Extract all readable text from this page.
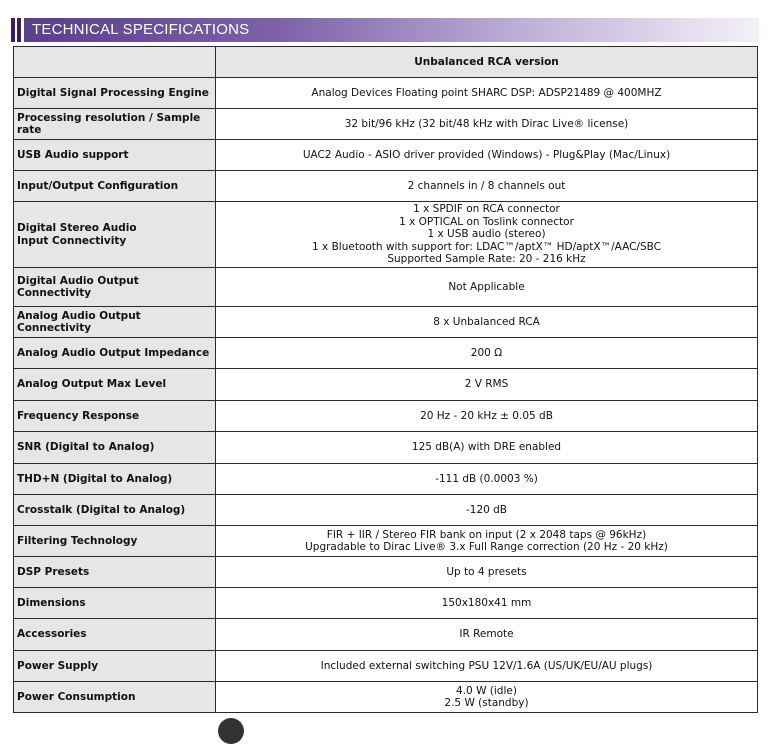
TECHNICAL SPECIFICATIONS
	Unbalanced RCA version
Digital Signal Processing Engine	Analog Devices Floating point SHARC DSP: ADSP21489 @ 400MHZ
Processing resolution / Sample rate	32 bit/96 kHz (32 bit/48 kHz with Dirac Live® license)
USB Audio support	UAC2 Audio - ASIO driver provided (Windows) - Plug&Play (Mac/Linux)
Input/Output Configuration	2 channels in / 8 channels out
Digital Stereo Audio
Input Connectivity	1 x SPDIF on RCA connector
1 x OPTICAL on Toslink connector
1 x USB audio (stereo)
1 x Bluetooth with support for: LDAC™/aptX™ HD/aptX™/AAC/SBC
Supported Sample Rate: 20 - 216 kHz
Digital Audio Output Connectivity	Not Applicable
Analog Audio Output Connectivity	8 x Unbalanced RCA
Analog Audio Output Impedance	200 Ω
Analog Output Max Level	2 V RMS
Frequency Response	20 Hz - 20 kHz ± 0.05 dB
SNR (Digital to Analog)	125 dB(A) with DRE enabled
THD+N (Digital to Analog)	-111 dB (0.0003 %)
Crosstalk (Digital to Analog)	-120 dB
Filtering Technology	FIR + IIR / Stereo FIR bank on input (2 x 2048 taps @ 96kHz)
Upgradable to Dirac Live® 3.x Full Range correction (20 Hz - 20 kHz)
DSP Presets	Up to 4 presets
Dimensions	150x180x41 mm
Accessories	IR Remote
Power Supply	Included external switching PSU 12V/1.6A (US/UK/EU/AU plugs)
Power Consumption	4.0 W (idle)
2.5 W (standby)
